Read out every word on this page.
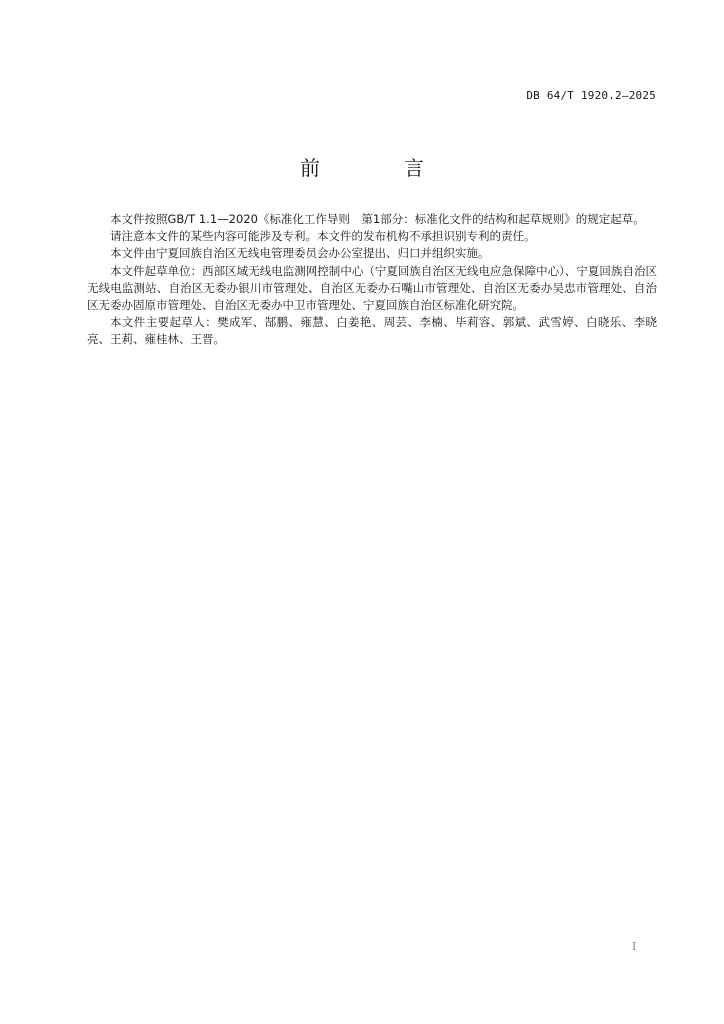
DB 64/T 1920.2—2025
前　言

本文件按照GB/T 1.1—2020《标准化工作导则　第1部分：标准化文件的结构和起草规则》的规定起草。

请注意本文件的某些内容可能涉及专利。本文件的发布机构不承担识别专利的责任。

本文件由宁夏回族自治区无线电管理委员会办公室提出、归口并组织实施。

本文件起草单位：西部区域无线电监测网控制中心（宁夏回族自治区无线电应急保障中心）、宁夏回族自治区无线电监测站、自治区无委办银川市管理处、自治区无委办石嘴山市管理处、自治区无委办吴忠市管理处、自治区无委办固原市管理处、自治区无委办中卫市管理处、宁夏回族自治区标准化研究院。

本文件主要起草人：樊成军、郜鹏、雍慧、白姜艳、周芸、李楠、毕莉容、郭斌、武雪婷、白晓乐、李晓亮、王莉、雍桂林、王晋。

I
